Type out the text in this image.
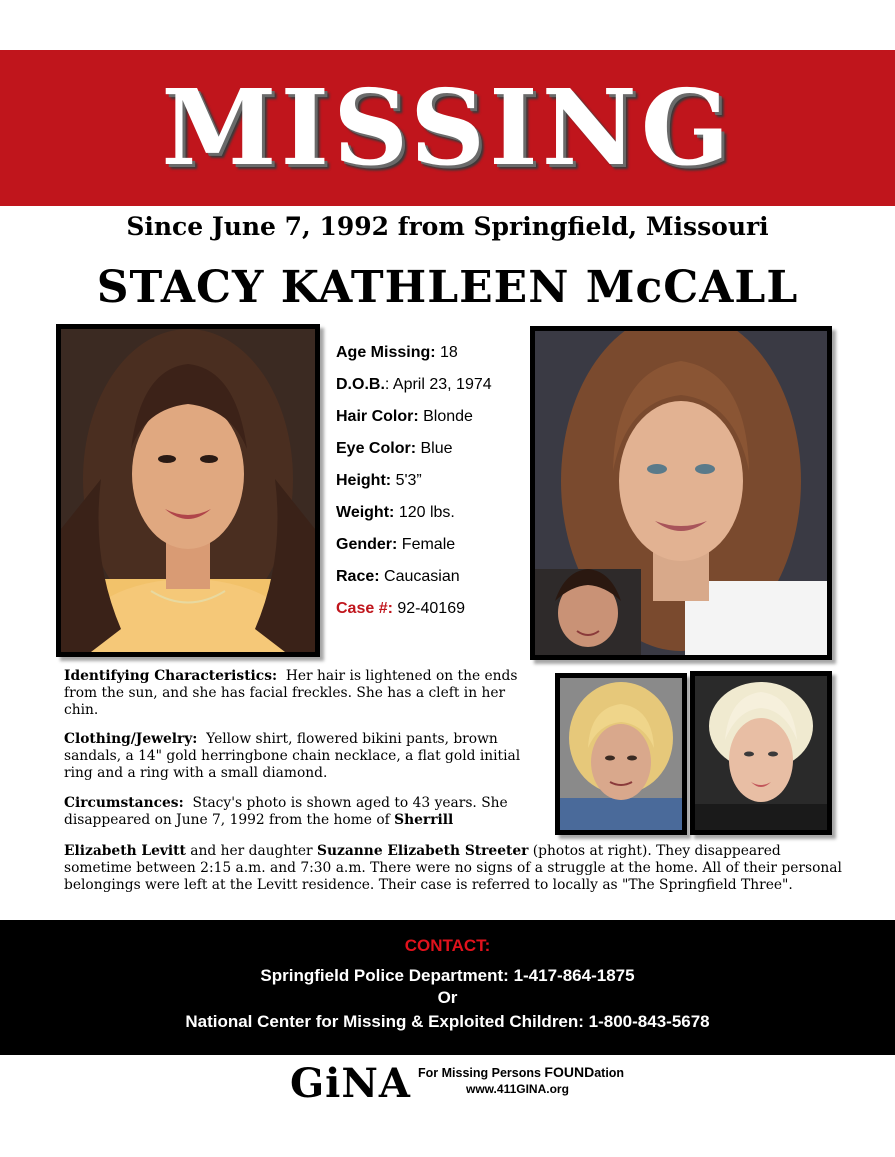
MISSING
Since June 7, 1992 from Springfield, Missouri
STACY KATHLEEN McCALL
Age Missing: 18
D.O.B.: April 23, 1974
Hair Color: Blonde
Eye Color: Blue
Height: 5'3”
Weight: 120 lbs.
Gender: Female
Race: Caucasian
Case #: 92-40169
Identifying Characteristics: Her hair is lightened on the ends from the sun, and she has facial freckles. She has a cleft in her chin.
Clothing/Jewelry: Yellow shirt, flowered bikini pants, brown sandals, a 14" gold herringbone chain necklace, a flat gold initial ring and a ring with a small diamond.
Circumstances: Stacy's photo is shown aged to 43 years. She disappeared on June 7, 1992 from the home of Sherrill
Elizabeth Levitt and her daughter Suzanne Elizabeth Streeter (photos at right). They disappeared sometime between 2:15 a.m. and 7:30 a.m. There were no signs of a struggle at the home. All of their personal belongings were left at the Levitt residence. Their case is referred to locally as "The Springfield Three".
CONTACT:
Springfield Police Department: 1-417-864-1875
Or
National Center for Missing & Exploited Children: 1-800-843-5678
GiNA For Missing Persons FOUNDation
www.411GINA.org
